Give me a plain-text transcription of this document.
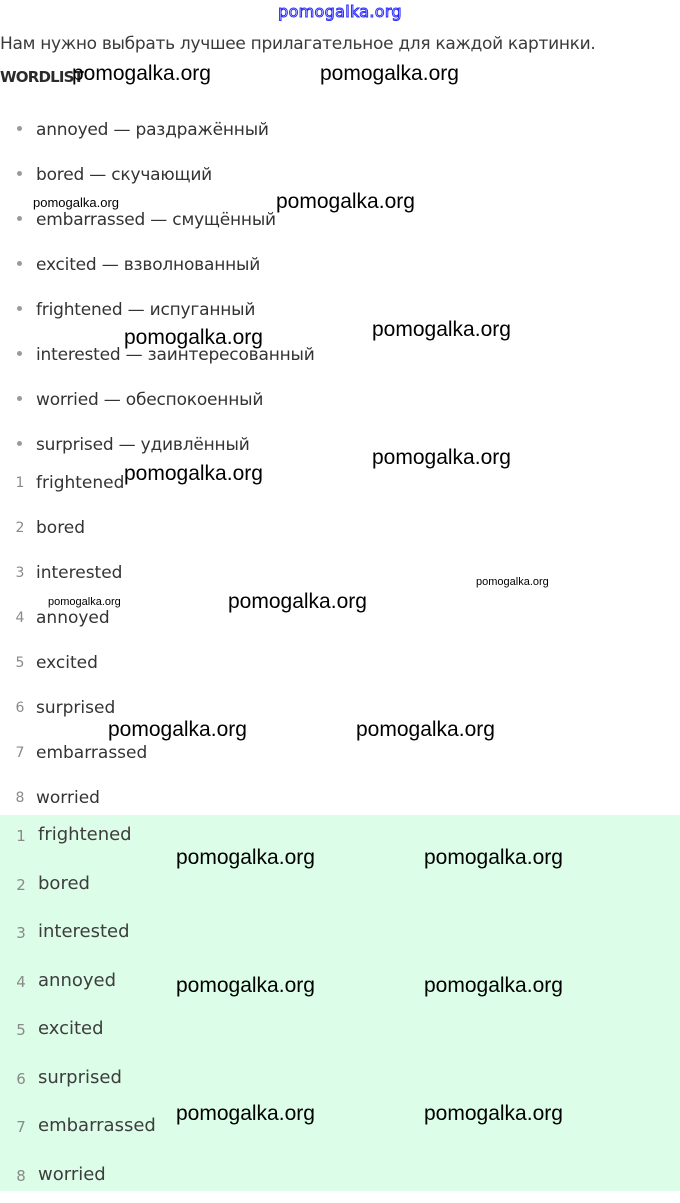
pomogalka.org
Нам нужно выбрать лучшее прилагательное для каждой картинки.
WORDLIST
annoyed — раздражённый
bored — скучающий
embarrassed — смущённый
excited — взволнованный
frightened — испуганный
interested — заинтересованный
worried — обеспокоенный
surprised — удивлённый
1 frightened
2 bored
3 interested
4 annoyed
5 excited
6 surprised
7 embarrassed
8 worried
1 frightened
2 bored
3 interested
4 annoyed
5 excited
6 surprised
7 embarrassed
8 worried
pomogalka.org	pomogalka.org
pomogalka.org	pomogalka.org
pomogalka.org	pomogalka.org
pomogalka.org
pomogalka.org
pomogalka.org
pomogalka.org	pomogalka.org
pomogalka.org	pomogalka.org
pomogalka.org	pomogalka.org
pomogalka.org	pomogalka.org
pomogalka.org	pomogalka.org
